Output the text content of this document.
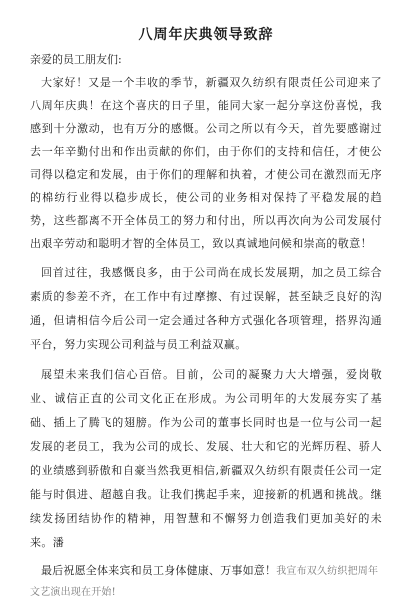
八周年庆典领导致辞
亲爱的员工朋友们:

大家好！又是一个丰收的季节，新疆双久纺织有限责任公司迎来了八周年庆典！在这个喜庆的日子里，能同大家一起分享这份喜悦，我感到十分激动，也有万分的感慨。公司之所以有今天，首先要感谢过去一年辛勤付出和作出贡献的你们，由于你们的支持和信任，才使公司得以稳定和发展，由于你们的理解和执着，才使公司在激烈而无序的棉纺行业得以稳步成长，使公司的业务相对保持了平稳发展的趋势，这些都离不开全体员工的努力和付出，所以再次向为公司发展付出艰辛劳动和聪明才智的全体员工，致以真诚地问候和崇高的敬意！

回首过往，我感慨良多，由于公司尚在成长发展期，加之员工综合素质的参差不齐，在工作中有过摩擦、有过误解，甚至缺乏良好的沟通，但请相信今后公司一定会通过各种方式强化各项管理，搭界沟通平台，努力实现公司利益与员工利益双赢。

展望未来我们信心百倍。目前，公司的凝聚力大大增强，爱岗敬业、诚信正直的公司文化正在形成。为公司明年的大发展夯实了基础、插上了腾飞的翅膀。作为公司的董事长同时也是一位与公司一起发展的老员工，我为公司的成长、发展、壮大和它的光辉历程、骄人的业绩感到骄傲和自豪当然我更相信,新疆双久纺织有限责任公司一定能与时俱进、超越自我。让我们携起手来，迎接新的机遇和挑战。继续发扬团结协作的精神，用智慧和不懈努力创造我们更加美好的未来。潘

最后祝愿全体来宾和员工身体健康、万事如意！我宣布双久纺织把周年文艺演出现在开始!
